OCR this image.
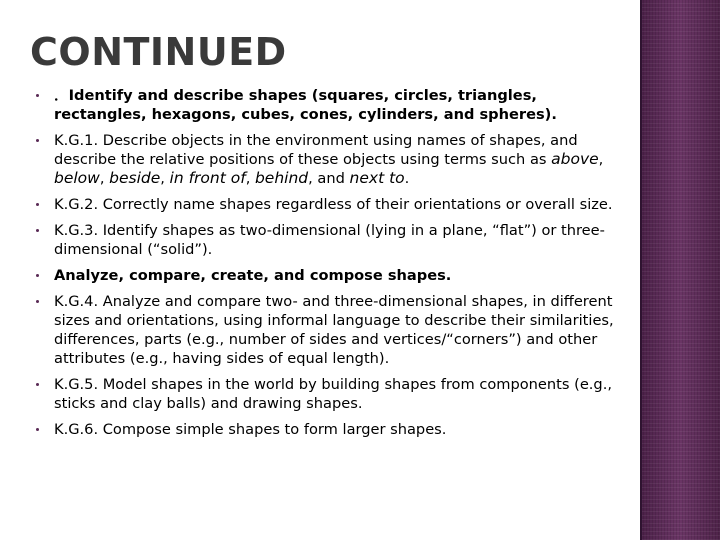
CONTINUED
．Identify and describe shapes (squares, circles, triangles, rectangles, hexagons, cubes, cones, cylinders, and spheres).
K.G.1. Describe objects in the environment using names of shapes, and describe the relative positions of these objects using terms such as above, below, beside, in front of, behind, and next to.
K.G.2. Correctly name shapes regardless of their orientations or overall size.
K.G.3. Identify shapes as two-dimensional (lying in a plane, “flat”) or three-dimensional (“solid”).
Analyze, compare, create, and compose shapes.
K.G.4. Analyze and compare two- and three-dimensional shapes, in different sizes and orientations, using informal language to describe their similarities, differences, parts (e.g., number of sides and vertices/“corners”) and other attributes (e.g., having sides of equal length).
K.G.5. Model shapes in the world by building shapes from components (e.g., sticks and clay balls) and drawing shapes.
K.G.6. Compose simple shapes to form larger shapes.
